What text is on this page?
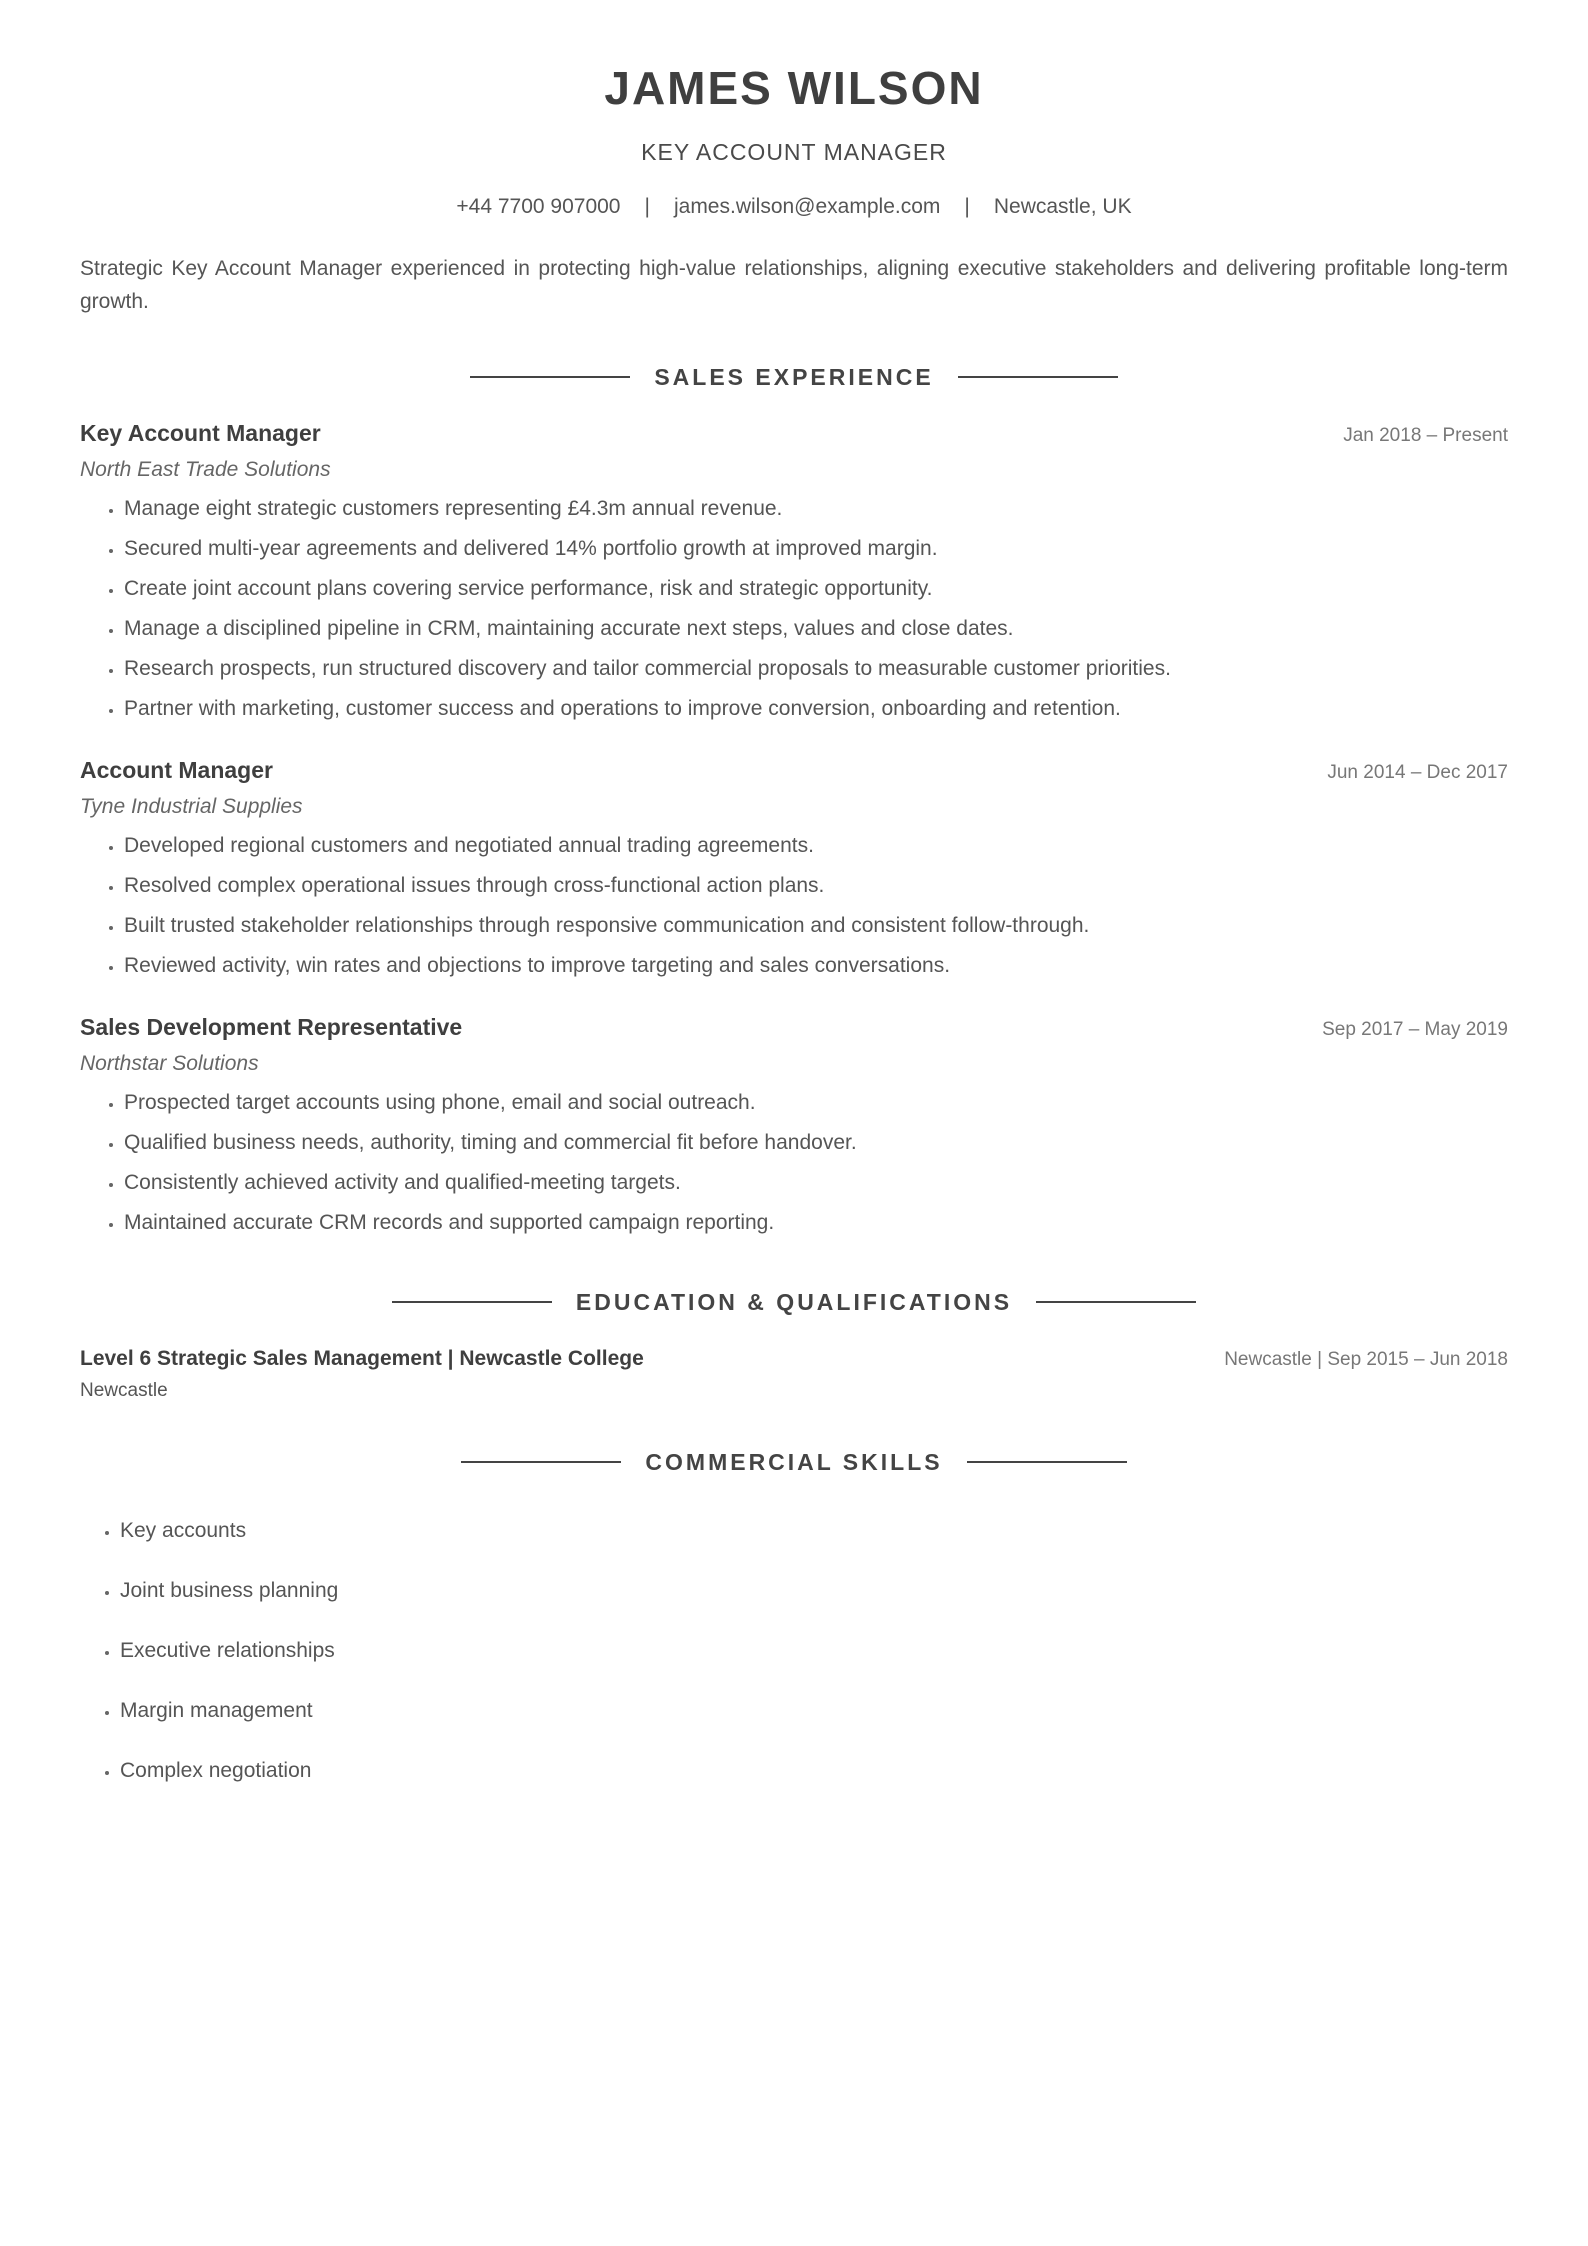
JAMES WILSON
KEY ACCOUNT MANAGER
+44 7700 907000 | james.wilson@example.com | Newcastle, UK
Strategic Key Account Manager experienced in protecting high-value relationships, aligning executive stakeholders and delivering profitable long-term growth.
SALES EXPERIENCE
Key Account Manager	Jan 2018 – Present
North East Trade Solutions
• Manage eight strategic customers representing £4.3m annual revenue.
• Secured multi-year agreements and delivered 14% portfolio growth at improved margin.
• Create joint account plans covering service performance, risk and strategic opportunity.
• Manage a disciplined pipeline in CRM, maintaining accurate next steps, values and close dates.
• Research prospects, run structured discovery and tailor commercial proposals to measurable customer priorities.
• Partner with marketing, customer success and operations to improve conversion, onboarding and retention.
Account Manager	Jun 2014 – Dec 2017
Tyne Industrial Supplies
• Developed regional customers and negotiated annual trading agreements.
• Resolved complex operational issues through cross-functional action plans.
• Built trusted stakeholder relationships through responsive communication and consistent follow-through.
• Reviewed activity, win rates and objections to improve targeting and sales conversations.
Sales Development Representative	Sep 2017 – May 2019
Northstar Solutions
• Prospected target accounts using phone, email and social outreach.
• Qualified business needs, authority, timing and commercial fit before handover.
• Consistently achieved activity and qualified-meeting targets.
• Maintained accurate CRM records and supported campaign reporting.
EDUCATION & QUALIFICATIONS
Level 6 Strategic Sales Management | Newcastle College	Newcastle | Sep 2015 – Jun 2018
Newcastle
COMMERCIAL SKILLS
• Key accounts
• Joint business planning
• Executive relationships
• Margin management
• Complex negotiation
